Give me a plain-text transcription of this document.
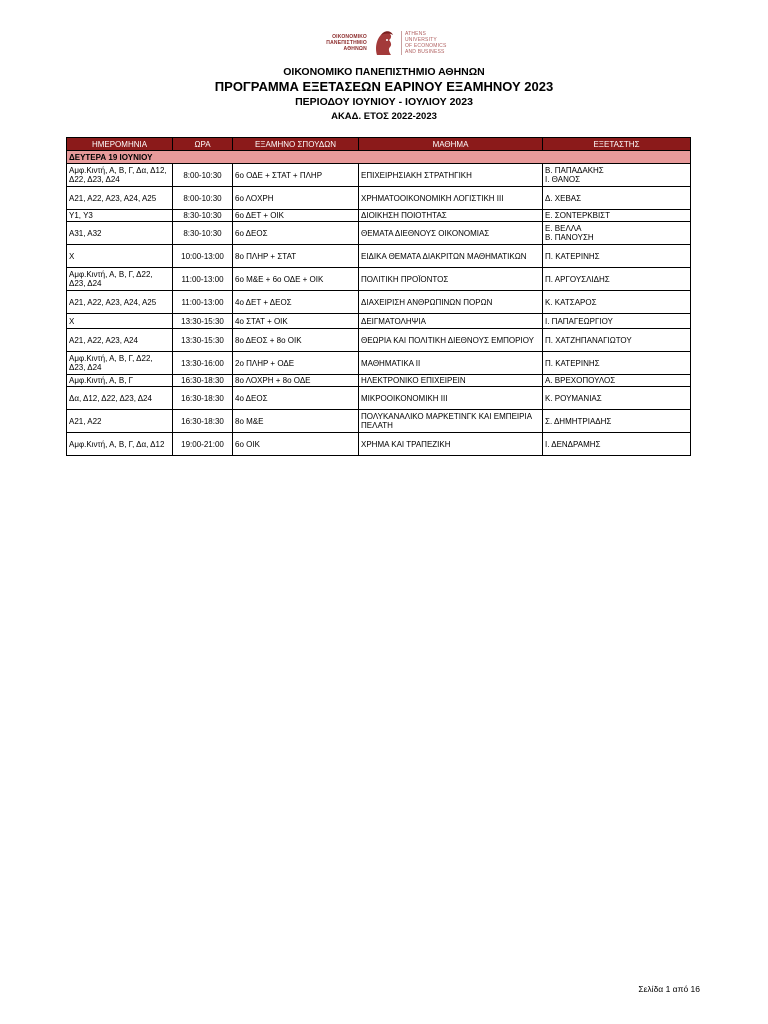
ΟΙΚΟΝΟΜΙΚΟ
ΠΑΝΕΠΙΣΤΗΜΙΟ
ΑΘΗΝΩΝ
ATHENS UNIVERSITY
OF ECONOMICS
AND BUSINESS
ΟΙΚΟΝΟΜΙΚΟ ΠΑΝΕΠΙΣΤΗΜΙΟ ΑΘΗΝΩΝ
ΠΡΟΓΡΑΜΜΑ ΕΞΕΤΑΣΕΩΝ ΕΑΡΙΝΟΥ ΕΞΑΜΗΝΟΥ 2023
ΠΕΡΙΟΔΟΥ ΙΟΥΝΙΟΥ - ΙΟΥΛΙΟΥ 2023
ΑΚΑΔ. ΕΤΟΣ 2022-2023
ΗΜΕΡΟΜΗΝΙΑ	ΩΡΑ	ΕΞΑΜΗΝΟ ΣΠΟΥΔΩΝ	ΜΑΘΗΜΑ	ΕΞΕΤΑΣΤΗΣ
ΔΕΥΤΕΡΑ 19 ΙΟΥΝΙΟΥ				
Αμφ.Κιντή, Α, Β, Γ, Δα, Δ12, Δ22, Δ23, Δ24	8:00-10:30	6ο ΟΔΕ + ΣΤΑΤ + ΠΛΗΡ	ΕΠΙΧΕΙΡΗΣΙΑΚΗ ΣΤΡΑΤΗΓΙΚΗ	Β. ΠΑΠΑΔΑΚΗΣ
Ι. ΘΑΝΟΣ
Α21, Α22, Α23, Α24, Α25	8:00-10:30	6ο ΛΟΧΡΗ	ΧΡΗΜΑΤΟΟΙΚΟΝΟΜΙΚΗ ΛΟΓΙΣΤΙΚΗ ΙΙΙ	Δ. ΧΕΒΑΣ
Υ1, Υ3	8:30-10:30	6ο ΔΕΤ + ΟΙΚ	ΔΙΟΙΚΗΣΗ ΠΟΙΟΤΗΤΑΣ	Ε. ΣΟΝΤΕΡΚΒΙΣΤ
Α31, Α32	8:30-10:30	6ο ΔΕΟΣ	ΘΕΜΑΤΑ ΔΙΕΘΝΟΥΣ ΟΙΚΟΝΟΜΙΑΣ	Ε. ΒΕΛΛΑ
Β. ΠΑΝΟΥΣΗ
Χ	10:00-13:00	8ο ΠΛΗΡ + ΣΤΑΤ	ΕΙΔΙΚΑ ΘΕΜΑΤΑ ΔΙΑΚΡΙΤΩΝ ΜΑΘΗΜΑΤΙΚΩΝ	Π. ΚΑΤΕΡΙΝΗΣ
Αμφ.Κιντή, Α, Β, Γ, Δ22, Δ23, Δ24	11:00-13:00	6ο Μ&Ε + 6ο ΟΔΕ + ΟΙΚ	ΠΟΛΙΤΙΚΗ ΠΡΟΪΟΝΤΟΣ	Π. ΑΡΓΟΥΣΛΙΔΗΣ
Α21, Α22, Α23, Α24, Α25	11:00-13:00	4ο ΔΕΤ + ΔΕΟΣ	ΔΙΑΧΕΙΡΙΣΗ ΑΝΘΡΩΠΙΝΩΝ ΠΟΡΩΝ	Κ. ΚΑΤΣΑΡΟΣ
Χ	13:30-15:30	4ο ΣΤΑΤ + ΟΙΚ	ΔΕΙΓΜΑΤΟΛΗΨΙΑ	Ι. ΠΑΠΑΓΕΩΡΓΙΟΥ
Α21, Α22, Α23, Α24	13:30-15:30	8ο ΔΕΟΣ + 8ο ΟΙΚ	ΘΕΩΡΙΑ ΚΑΙ ΠΟΛΙΤΙΚΗ ΔΙΕΘΝΟΥΣ ΕΜΠΟΡΙΟΥ	Π. ΧΑΤΖΗΠΑΝΑΓΙΩΤΟΥ
Αμφ.Κιντή, Α, Β, Γ, Δ22, Δ23, Δ24	13:30-16:00	2ο ΠΛΗΡ + ΟΔΕ	ΜΑΘΗΜΑΤΙΚΑ ΙΙ	Π. ΚΑΤΕΡΙΝΗΣ
Αμφ.Κιντή, Α, Β, Γ	16:30-18:30	8ο ΛΟΧΡΗ + 8ο ΟΔΕ	ΗΛΕΚΤΡΟΝΙΚΟ ΕΠΙΧΕΙΡΕΙΝ	Α. ΒΡΕΧΟΠΟΥΛΟΣ
Δα, Δ12, Δ22, Δ23, Δ24	16:30-18:30	4ο ΔΕΟΣ	ΜΙΚΡΟΟΙΚΟΝΟΜΙΚΗ ΙΙΙ	Κ. ΡΟΥΜΑΝΙΑΣ
Α21, Α22	16:30-18:30	8ο Μ&Ε	ΠΟΛΥΚΑΝΑΛΙΚΟ ΜΑΡΚΕΤΙΝΓΚ ΚΑΙ ΕΜΠΕΙΡΙΑ ΠΕΛΑΤΗ	Σ. ΔΗΜΗΤΡΙΑΔΗΣ
Αμφ.Κιντή, Α, Β, Γ, Δα, Δ12	19:00-21:00	6ο ΟΙΚ	ΧΡΗΜΑ ΚΑΙ ΤΡΑΠΕΖΙΚΗ	Ι. ΔΕΝΔΡΑΜΗΣ
Σελίδα 1 από 16
